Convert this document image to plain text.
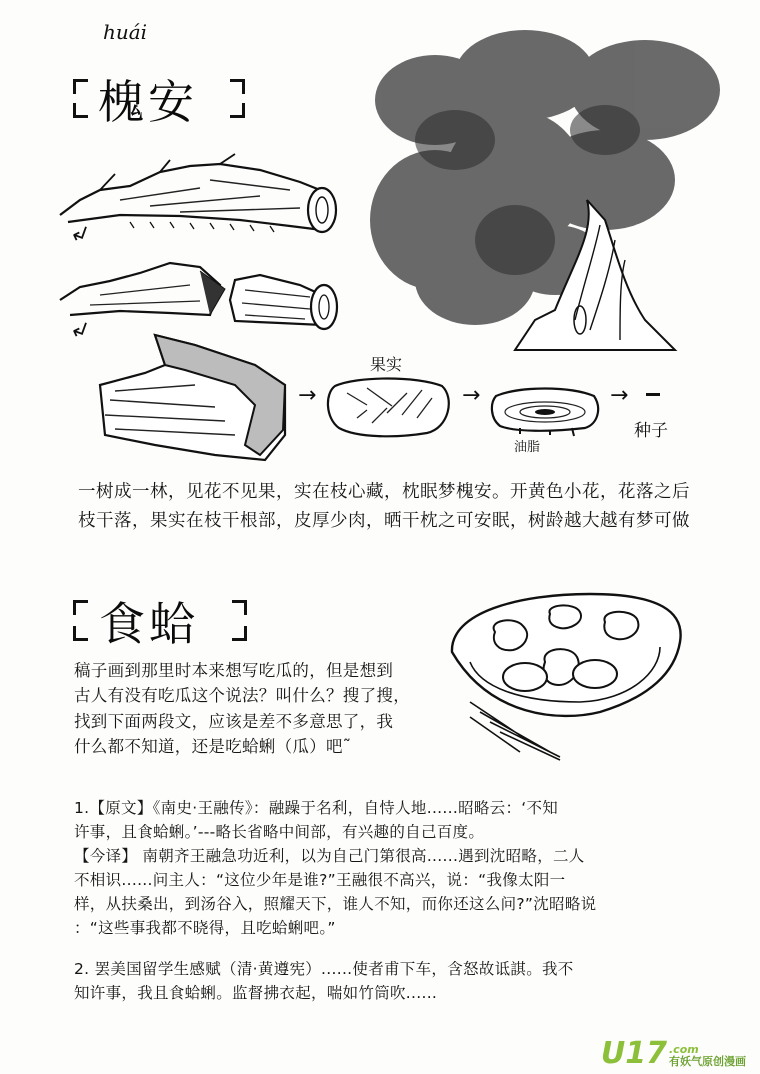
huái
槐安
↲
↲
果实
→	→
油脂
→
种子
一树成一林，见花不见果，实在枝心藏，枕眠梦槐安。开黄色小花，花落之后
枝干落，果实在枝干根部，皮厚少肉，晒干枕之可安眠，树龄越大越有梦可做
食蛤
稿子画到那里时本来想写吃瓜的，但是想到
古人有没有吃瓜这个说法？叫什么？搜了搜，
找到下面两段文，应该是差不多意思了，我
什么都不知道，还是吃蛤蜊（瓜）吧˜
1.【原文】《南史·王融传》：融躁于名利，自恃人地......昭略云：‘不知
许事，且食蛤蜊。’---略长省略中间部，有兴趣的自己百度。
【今译】 南朝齐王融急功近利，以为自己门第很高......遇到沈昭略，二人
不相识......问主人：“这位少年是谁?”王融很不高兴，说：“我像太阳一
样，从扶桑出，到汤谷入，照耀天下，谁人不知，而你还这么问?”沈昭略说
：“这些事我都不晓得，且吃蛤蜊吧。”
2. 罢美国留学生感赋（清·黄遵宪）......使者甫下车，含怒故诋諆。我不
知许事，我且食蛤蜊。监督拂衣起，喘如竹筒吹......
U17 .com
有妖气原创漫画
